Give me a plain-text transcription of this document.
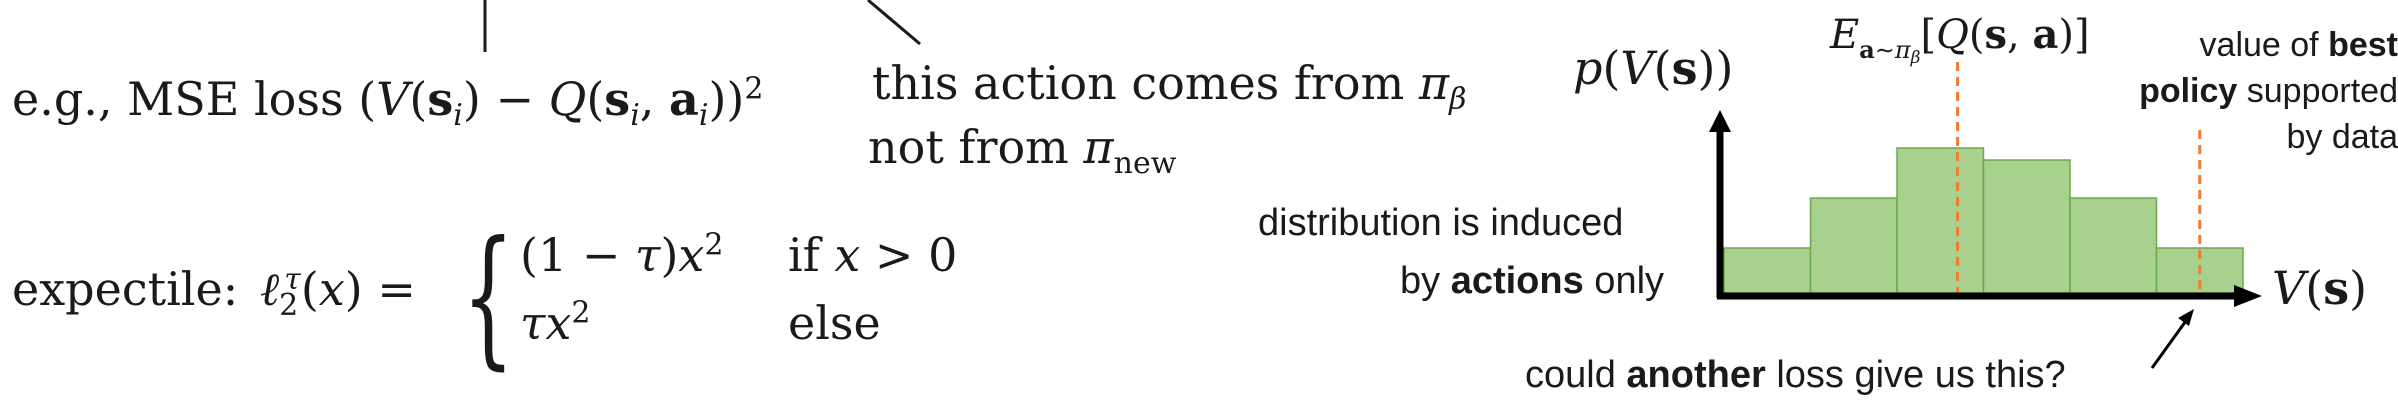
e.g., MSE loss ($V(s_i) - Q(s_i$, $a_i))^2$ this action comes from $\pi_\beta$
not from $\pi_{new}$
expectile: ℓ$_2^\tau$(x) = { $(1 - \tau)x^2$ if x > 0
$\tau x^2$	else
distribution is induced
by actions only
could another loss give us this?
value of best
policy supported
by data
p(V(s))
V(s)
$E_a\sim\pi\beta[Q(s$, a)]
